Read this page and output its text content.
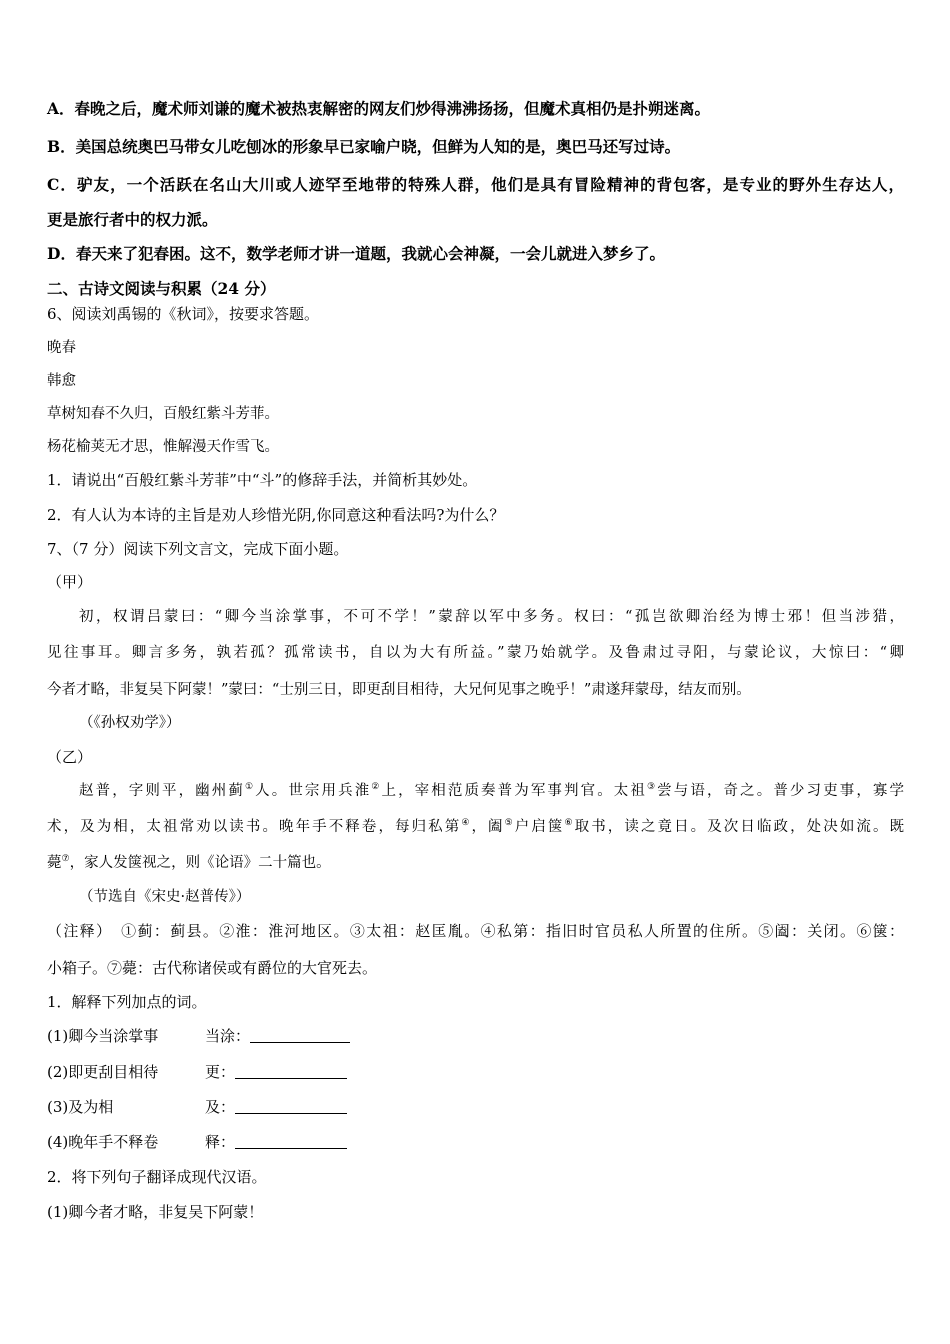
A．春晚之后，魔术师刘谦的魔术被热衷解密的网友们炒得沸沸扬扬，但魔术真相仍是扑朔迷离。
B．美国总统奥巴马带女儿吃刨冰的形象早已家喻户晓，但鲜为人知的是，奥巴马还写过诗。
C．驴友，一个活跃在名山大川或人迹罕至地带的特殊人群，他们是具有冒险精神的背包客，是专业的野外生存达人，
更是旅行者中的权力派。
D．春天来了犯春困。这不，数学老师才讲一道题，我就心会神凝，一会儿就进入梦乡了。
二、古诗文阅读与积累（24 分）
6、阅读刘禹锡的《秋词》，按要求答题。
晚春
韩愈
草树知春不久归，百般红紫斗芳菲。
杨花榆荚无才思，惟解漫天作雪飞。
1．请说出“百般红紫斗芳菲”中“斗”的修辞手法，并简析其妙处。
2．有人认为本诗的主旨是劝人珍惜光阴,你同意这种看法吗?为什么？
7、（7 分）阅读下列文言文，完成下面小题。
（甲）
初，权谓吕蒙曰：“卿今当涂掌事，不可不学！”蒙辞以军中多务。权曰：“孤岂欲卿治经为博士邪！但当涉猎，
见往事耳。卿言多务，孰若孤？孤常读书，自以为大有所益。”蒙乃始就学。及鲁肃过寻阳，与蒙论议，大惊曰：“卿
今者才略，非复吴下阿蒙！”蒙曰：“士别三日，即更刮目相待，大兄何见事之晚乎！”肃遂拜蒙母，结友而别。
（《孙权劝学》）
（乙）
赵普，字则平，幽州蓟①人。世宗用兵淮②上，宰相范质奏普为军事判官。太祖③尝与语，奇之。普少习吏事，寡学
术，及为相，太祖常劝以读书。晚年手不释卷，每归私第④，阖⑤户启箧⑥取书，读之竟日。及次日临政，处决如流。既
薨⑦，家人发箧视之，则《论语》二十篇也。
（节选自《宋史·赵普传》）
（注释）　①蓟：蓟县。②淮：淮河地区。③太祖：赵匡胤。④私第：指旧时官员私人所置的住所。⑤阖：关闭。⑥箧：
小箱子。⑦薨：古代称诸侯或有爵位的大官死去。
1．解释下列加点的词。
(1)卿今当涂掌事	当涂：
(2)即更刮目相待	更：
(3)及为相	及：
(4)晚年手不释卷	释：
2．将下列句子翻译成现代汉语。
(1)卿今者才略，非复吴下阿蒙！
